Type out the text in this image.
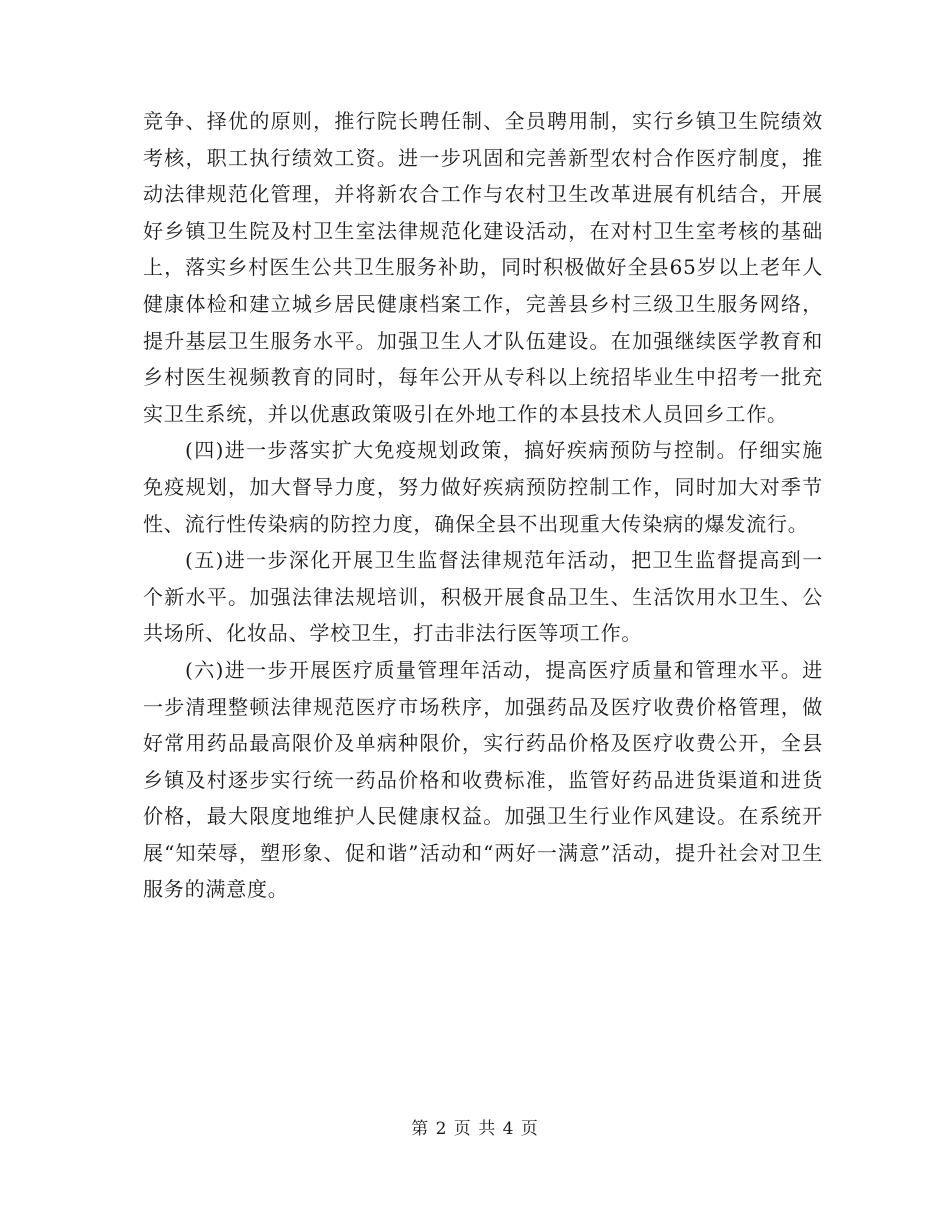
竞争、择优的原则，推行院长聘任制、全员聘用制，实行乡镇卫生院绩效考核，职工执行绩效工资。进一步巩固和完善新型农村合作医疗制度，推动法律规范化管理，并将新农合工作与农村卫生改革进展有机结合，开展好乡镇卫生院及村卫生室法律规范化建设活动，在对村卫生室考核的基础上，落实乡村医生公共卫生服务补助，同时积极做好全县65岁以上老年人健康体检和建立城乡居民健康档案工作，完善县乡村三级卫生服务网络，提升基层卫生服务水平。加强卫生人才队伍建设。在加强继续医学教育和乡村医生视频教育的同时，每年公开从专科以上统招毕业生中招考一批充实卫生系统，并以优惠政策吸引在外地工作的本县技术人员回乡工作。

(四)进一步落实扩大免疫规划政策，搞好疾病预防与控制。仔细实施免疫规划，加大督导力度，努力做好疾病预防控制工作，同时加大对季节性、流行性传染病的防控力度，确保全县不出现重大传染病的爆发流行。

(五)进一步深化开展卫生监督法律规范年活动，把卫生监督提高到一个新水平。加强法律法规培训，积极开展食品卫生、生活饮用水卫生、公共场所、化妆品、学校卫生，打击非法行医等项工作。

(六)进一步开展医疗质量管理年活动，提高医疗质量和管理水平。进一步清理整顿法律规范医疗市场秩序，加强药品及医疗收费价格管理，做好常用药品最高限价及单病种限价，实行药品价格及医疗收费公开，全县乡镇及村逐步实行统一药品价格和收费标准，监管好药品进货渠道和进货价格，最大限度地维护人民健康权益。加强卫生行业作风建设。在系统开展“知荣辱，塑形象、促和谐”活动和“两好一满意”活动，提升社会对卫生服务的满意度。

第 2 页 共 4 页
